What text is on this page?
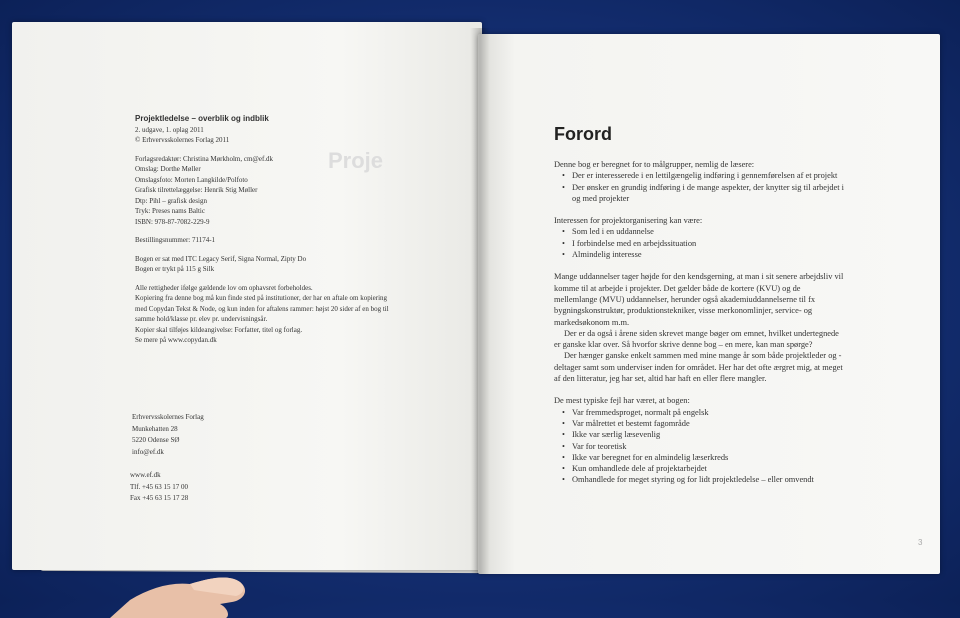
Proje
Projektledelse – overblik og indblik
2. udgave, 1. oplag 2011
© Erhvervsskolernes Forlag 2011
Forlagsredaktør: Christina Mørkholm, cm@ef.dk
Omslag: Dorthe Møller
Omslagsfoto: Morten Langkilde/Polfoto
Grafisk tilrettelæggelse: Henrik Stig Møller
Dtp: Pihl – grafisk design
Tryk: Preses nams Baltic
ISBN: 978-87-7082-229-9
Bestillingsnummer: 71174-1
Bogen er sat med ITC Legacy Serif, Signa Normal, Zipty Do
Bogen er trykt på 115 g Silk
Alle rettigheder ifølge gældende lov om ophavsret forbeholdes.
Kopiering fra denne bog må kun finde sted på institutioner, der har en aftale om kopiering
med Copydan Tekst & Node, og kun inden for aftalens rammer: højst 20 sider af en bog til
samme hold/klasse pr. elev pr. undervisningsår.
Kopier skal tilføjes kildeangivelse: Forfatter, titel og forlag.
Se mere på www.copydan.dk
Erhvervsskolernes Forlag
Munkehatten 28
5220 Odense SØ
info@ef.dk
www.ef.dk
Tlf. +45 63 15 17 00
Fax +45 63 15 17 28
Forord

Denne bog er beregnet for to målgrupper, nemlig de læsere:

• Der er interesserede i en lettilgængelig indføring i gennemførelsen af et projekt
• Der ønsker en grundig indføring i de mange aspekter, der knytter sig til arbejdet i og med projekter

Interessen for projektorganisering kan være:

• Som led i en uddannelse
• I forbindelse med en arbejdssituation
• Almindelig interesse

Mange uddannelser tager højde for den kendsgerning, at man i sit senere arbejdsliv vil komme til at arbejde i projekter. Det gælder både de kortere (KVU) og de mellemlange (MVU) uddannelser, herunder også akademiuddannelserne til fx bygningskonstruktør, produktionstekniker, visse merkonomlinjer, service- og markedsøkonom m.m.

Der er da også i årene siden skrevet mange bøger om emnet, hvilket undertegnede er ganske klar over. Så hvorfor skrive denne bog – en mere, kan man spørge?

Der hænger ganske enkelt sammen med mine mange år som både projektleder og -deltager samt som underviser inden for området. Her har det ofte ærgret mig, at meget af den litteratur, jeg har set, altid har haft en eller flere mangler.

De mest typiske fejl har været, at bogen:

• Var fremmedsproget, normalt på engelsk
• Var målrettet et bestemt fagområde
• Ikke var særlig læsevenlig
• Var for teoretisk
• Ikke var beregnet for en almindelig læserkreds
• Kun omhandlede dele af projektarbejdet
• Omhandlede for meget styring og for lidt projektledelse – eller omvendt
3
